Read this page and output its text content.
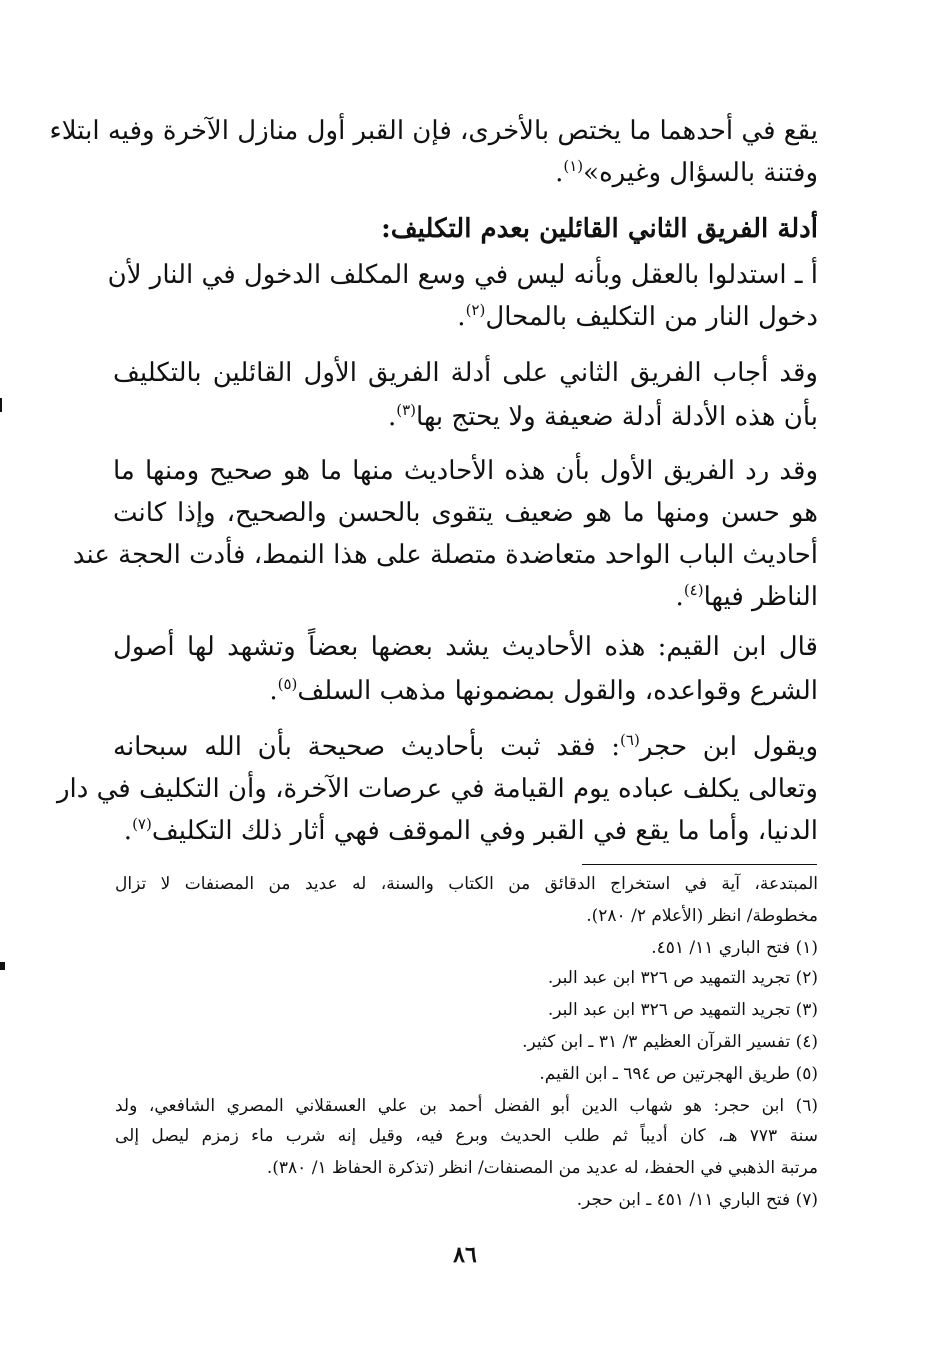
يقع في أحدهما ما يختص بالأخرى، فإن القبر أول منازل الآخرة وفيه ابتلاء
وفتنة بالسؤال وغيره»$^{(١)}$.
أدلة الفريق الثاني القائلين بعدم التكليف:
أ ـ استدلوا بالعقل وبأنه ليس في وسع المكلف الدخول في النار لأن
دخول النار من التكليف بالمحال$^{(٢)}$.
وقد أجاب الفريق الثاني على أدلة الفريق الأول القائلين بالتكليف
بأن هذه الأدلة أدلة ضعيفة ولا يحتج بها$^{(٣)}$.
وقد رد الفريق الأول بأن هذه الأحاديث منها ما هو صحيح ومنها ما
هو حسن ومنها ما هو ضعيف يتقوى بالحسن والصحيح، وإذا كانت
أحاديث الباب الواحد متعاضدة متصلة على هذا النمط، فأدت الحجة عند
الناظر فيها$^{(٤)}$.
قال ابن القيم: هذه الأحاديث يشد بعضها بعضاً وتشهد لها أصول
الشرع وقواعده، والقول بمضمونها مذهب السلف$^{(٥)}$.
ويقول ابن حجر$^{(٦)}$: فقد ثبت بأحاديث صحيحة بأن الله سبحانه
وتعالى يكلف عباده يوم القيامة في عرصات الآخرة، وأن التكليف في دار
الدنيا، وأما ما يقع في القبر وفي الموقف فهي أثار ذلك التكليف$^{(٧)}$.
المبتدعة، آية في استخراج الدقائق من الكتاب والسنة، له عديد من المصنفات لا تزال
مخطوطة/ انظر (الأعلام ٢/ ٢٨٠).
(١) فتح الباري ١١/ ٤٥١.
(٢) تجريد التمهيد ص ٣٢٦ ابن عبد البر.
(٣) تجريد التمهيد ص ٣٢٦ ابن عبد البر.
(٤) تفسير القرآن العظيم ٣/ ٣١ ـ ابن كثير.
(٥) طريق الهجرتين ص ٦٩٤ ـ ابن القيم.
(٦) ابن حجر: هو شهاب الدين أبو الفضل أحمد بن علي العسقلاني المصري الشافعي، ولد
سنة ٧٧٣ هـ، كان أديباً ثم طلب الحديث وبرع فيه، وقيل إنه شرب ماء زمزم ليصل إلى
مرتبة الذهبي في الحفظ، له عديد من المصنفات/ انظر (تذكرة الحفاظ ١/ ٣٨٠).
(٧) فتح الباري ١١/ ٤٥١ ـ ابن حجر.
٨٦
